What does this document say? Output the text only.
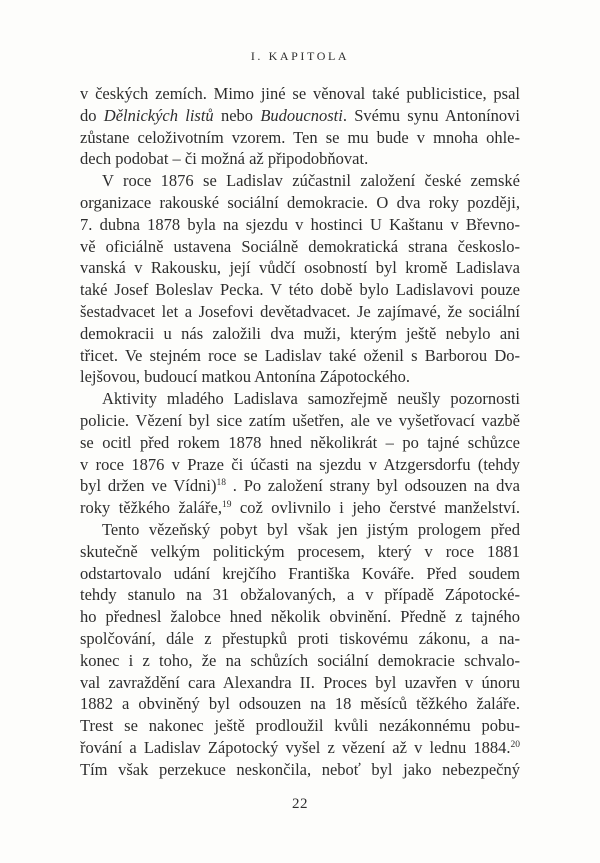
I. KAPITOLA
v českých zemích. Mimo jiné se věnoval také publicistice, psal
do Dělnických listů nebo Budoucnosti. Svému synu Antonínovi
zůstane celoživotním vzorem. Ten se mu bude v mnoha ohle-
dech podobat – či možná až připodobňovat.
V roce 1876 se Ladislav zúčastnil založení české zemské
organizace rakouské sociální demokracie. O dva roky později,
7. dubna 1878 byla na sjezdu v hostinci U Kaštanu v Břevno-
vě oficiálně ustavena Sociálně demokratická strana českoslo-
vanská v Rakousku, její vůdčí osobností byl kromě Ladislava
také Josef Boleslav Pecka. V této době bylo Ladislavovi pouze
šestadvacet let a Josefovi devětadvacet. Je zajímavé, že sociální
demokracii u nás založili dva muži, kterým ještě nebylo ani
třicet. Ve stejném roce se Ladislav také oženil s Barborou Do-
lejšovou, budoucí matkou Antonína Zápotockého.
Aktivity mladého Ladislava samozřejmě neušly pozornosti
policie. Vězení byl sice zatím ušetřen, ale ve vyšetřovací vazbě
se ocitl před rokem 1878 hned několikrát – po tajné schůzce
v roce 1876 v Praze či účasti na sjezdu v Atzgersdorfu (tehdy
byl držen ve Vídni)$^{18}$ . Po založení strany byl odsouzen na dva
roky těžkého žaláře,$^{19}$ což ovlivnilo i jeho čerstvé manželství.
Tento vězeňský pobyt byl však jen jistým prologem před
skutečně velkým politickým procesem, který v roce 1881
odstartovalo udání krejčího Františka Kováře. Před soudem
tehdy stanulo na 31 obžalovaných, a v případě Zápotocké-
ho přednesl žalobce hned několik obvinění. Předně z tajného
spolčování, dále z přestupků proti tiskovému zákonu, a na-
konec i z toho, že na schůzích sociální demokracie schvalo-
val zavraždění cara Alexandra II. Proces byl uzavřen v únoru
1882 a obviněný byl odsouzen na 18 měsíců těžkého žaláře.
Trest se nakonec ještě prodloužil kvůli nezákonnému pobu-
řování a Ladislav Zápotocký vyšel z vězení až v lednu 1884.20
Tím však perzekuce neskončila, neboť byl jako nebezpečný
22
